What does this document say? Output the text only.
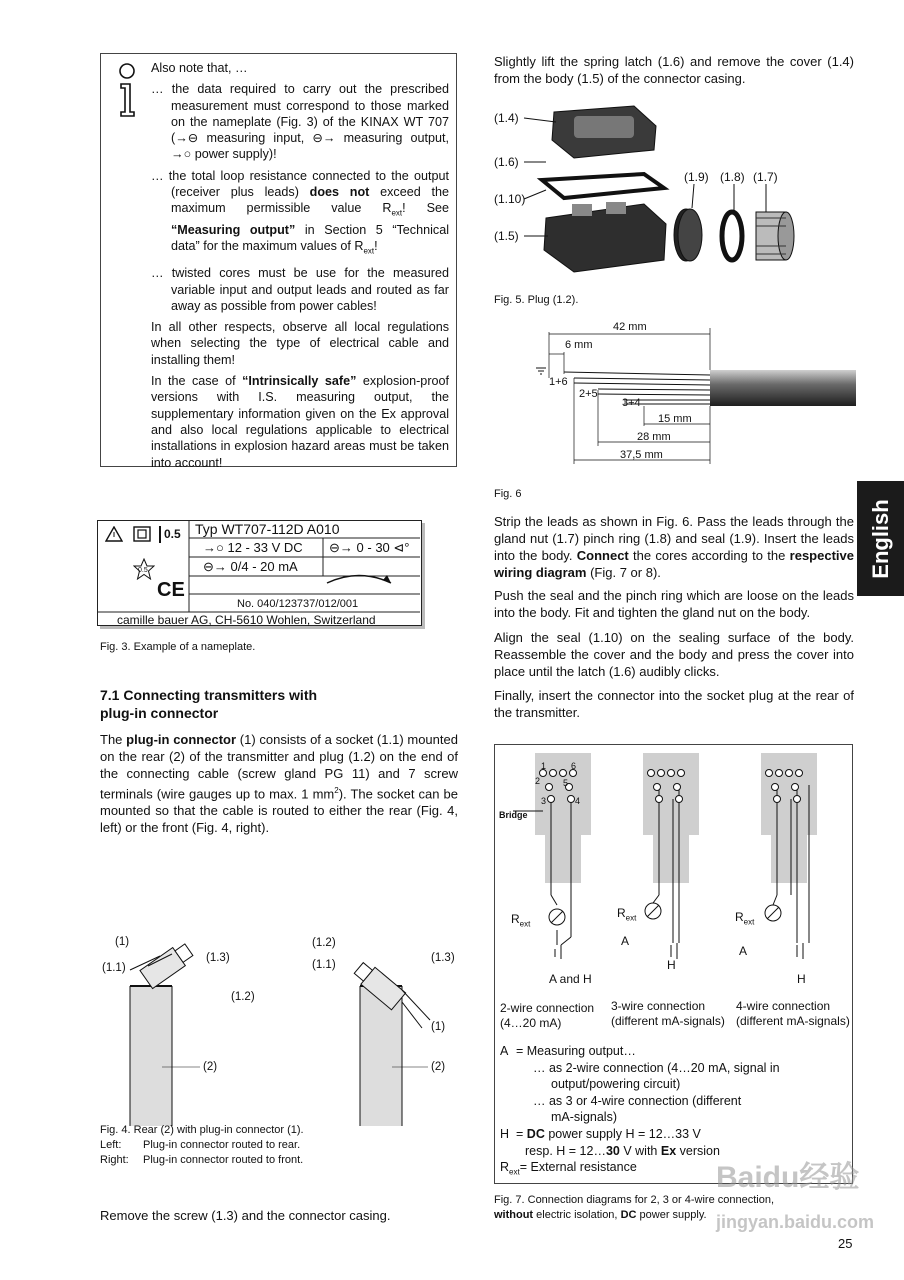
Also note that, …

… the data required to carry out the prescribed measurement must correspond to those marked on the nameplate (Fig. 3) of the KINAX WT 707 (→⊖ measuring input, ⊖→ measuring output, →○ power supply)!
… the total loop resistance connected to the output (receiver plus leads) does not exceed the maximum permissible value $R_{ext}$! See “Measuring output” in Section 5 “Technical data” for the maximum values of $R_{ext}$!
… twisted cores must be use for the measured variable input and output leads and routed as far away as possible from power cables!

In all other respects, observe all local regulations when selecting the type of electrical cable and installing them!

In the case of “Intrinsically safe” explosion-proof versions with I.S. measuring output, the supplementary information given on the Ex approval and also local regulations applicable to electrical installations in explosion hazard areas must be taken into account!

0.5
0.5
CE
Typ WT707-112D A010
→○ 12 - 33 V DC ⊖→ 0 - 30 ⊲°
⊖→ 0/4 - 20 mA
No. 040/123737/012/001
camille bauer AG, CH-5610 Wohlen, Switzerland
Fig. 3. Example of a nameplate.
7.1 Connecting transmitters with
plug-in connector
The plug-in connector (1) consists of a socket (1.1) mounted on the rear (2) of the transmitter and plug (1.2) on the end of the connecting cable (screw gland PG 11) and 7 screw terminals (wire gauges up to max. 1 $mm^2$). The socket can be mounted so that the cable is routed to either the rear (Fig. 4, left) or the front (Fig. 4, right).
(1)
(1.1)
(1.3)
(1.2)
(2)
(1.2)
(1.1)
(1.3)
(1)
(2)
Fig. 4. Rear (2) with plug-in connector (1).
Left: Plug-in connector routed to rear.
Right: Plug-in connector routed to front.
Remove the screw (1.3) and the connector casing.
Slightly lift the spring latch (1.6) and remove the cover (1.4) from the body (1.5) of the connector casing.
(1.4)
(1.6)
(1.10)
(1.5)
(1.9) (1.8) (1.7)
Fig. 5. Plug (1.2).
42 mm
6 mm
1+6
2+5
3+4
15 mm
28 mm
37,5 mm
Fig. 6
Strip the leads as shown in Fig. 6. Pass the leads through the gland nut (1.7) pinch ring (1.8) and seal (1.9). Insert the leads into the body. Connect the cores according to the respective wiring diagram (Fig. 7 or 8).
Push the seal and the pinch ring which are loose on the leads into the body. Fit and tighten the gland nut on the body.
Align the seal (1.10) on the sealing surface of the body. Reassemble the cover and the body and press the cover into place until the latch (1.6) audibly clicks.
Finally, insert the connector into the socket plug at the rear of the transmitter.
English
1	6
2	5
3	4
Bridge
$R_{ext}$
$R_{ext}$	$R_{ext}$
A
A
H
H
A and H
2-wire connection
(4…20 mA)
3-wire connection
(different mA-signals)
4-wire connection
(different mA-signals)
A = Measuring output…
… as 2-wire connection (4…20 mA, signal in
output/powering circuit)
… as 3 or 4-wire connection (different
mA-signals)
H = DC power supply H = 12…33 V
resp. H = 12…30 V with Ex version
$R_{ext}=$ External resistance
Fig. 7. Connection diagrams for 2, 3 or 4-wire connection,
without electric isolation, DC power supply.
25
Baidu经验
jingyan.baidu.com
